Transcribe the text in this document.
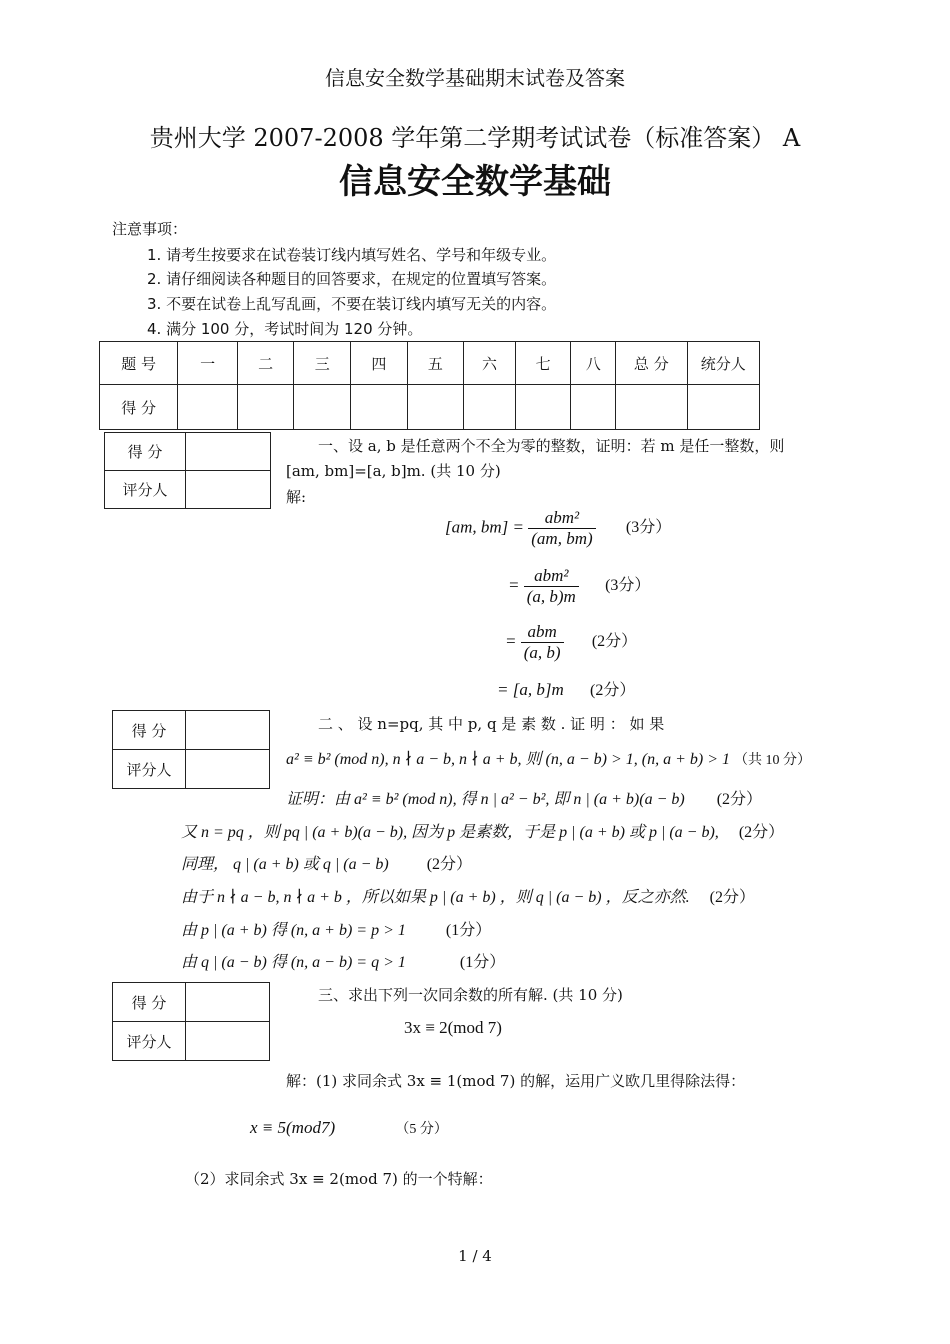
信息安全数学基础期末试卷及答案
贵州大学 2007-2008 学年第二学期考试试卷（标准答案） A
信息安全数学基础
注意事项：
1. 请考生按要求在试卷装订线内填写姓名、学号和年级专业。
2. 请仔细阅读各种题目的回答要求，在规定的位置填写答案。
3. 不要在试卷上乱写乱画，不要在装订线内填写无关的内容。
4. 满分 100 分，考试时间为 120 分钟。
题 号	一	二	三	四	五	六	七	八	总 分	统分人
得 分										
得 分	
评分人	
一、设 a, b 是任意两个不全为零的整数，证明：若 m 是任一整数，则
[am, bm]=[a, b]m. (共 10 分)
解:
[am, $bm] = \frac{\text{abm²}}{(am, bm)} (3$分）
= $\frac{\text{abm²}}{(a, b)m} (3$分）
= $\frac{\text{abm}}{(a, b)} (2$分）
= [a, b]m (2分）
得 分	
评分人	
二 、 设 n=pq, 其 中 p, q 是 素 数 . 证 明 ： 如 果
a² ≡ b² (mod n), n ∤ a − b, n ∤ a + b, 则 (n, a − b) > 1, (n, a + b) > 1 （共 10 分）
证明：由 a² ≡ b² (mod n), 得 n | a² − b², 即 n | (a + b)(a − b) (2分）
又 n = pq ，则 pq | (a + b)(a − b), 因为 p 是素数，于是 p | (a + b) 或 p | (a − b), (2分）
同理， q | (a + b) 或 q | (a − b) (2分）
由于 n ∤ a − b, n ∤ a + b ，所以如果 p | (a + b) ，则 q | (a − b) ，反之亦然. (2分）
由 p | (a + b) 得 (n, a + b) = p > 1	(1分）
由 q | (a − b) 得 (n, a − b) = q > 1	(1分）
得 分	
评分人	
三、求出下列一次同余数的所有解. (共 10 分)
3x ≡ 2(mod 7)
解：(1) 求同余式 3x ≡ 1(mod 7) 的解，运用广义欧几里得除法得：
x ≡ 5(mod7)	（5 分）
（2）求同余式 3x ≡ 2(mod 7) 的一个特解：
1 / 4
